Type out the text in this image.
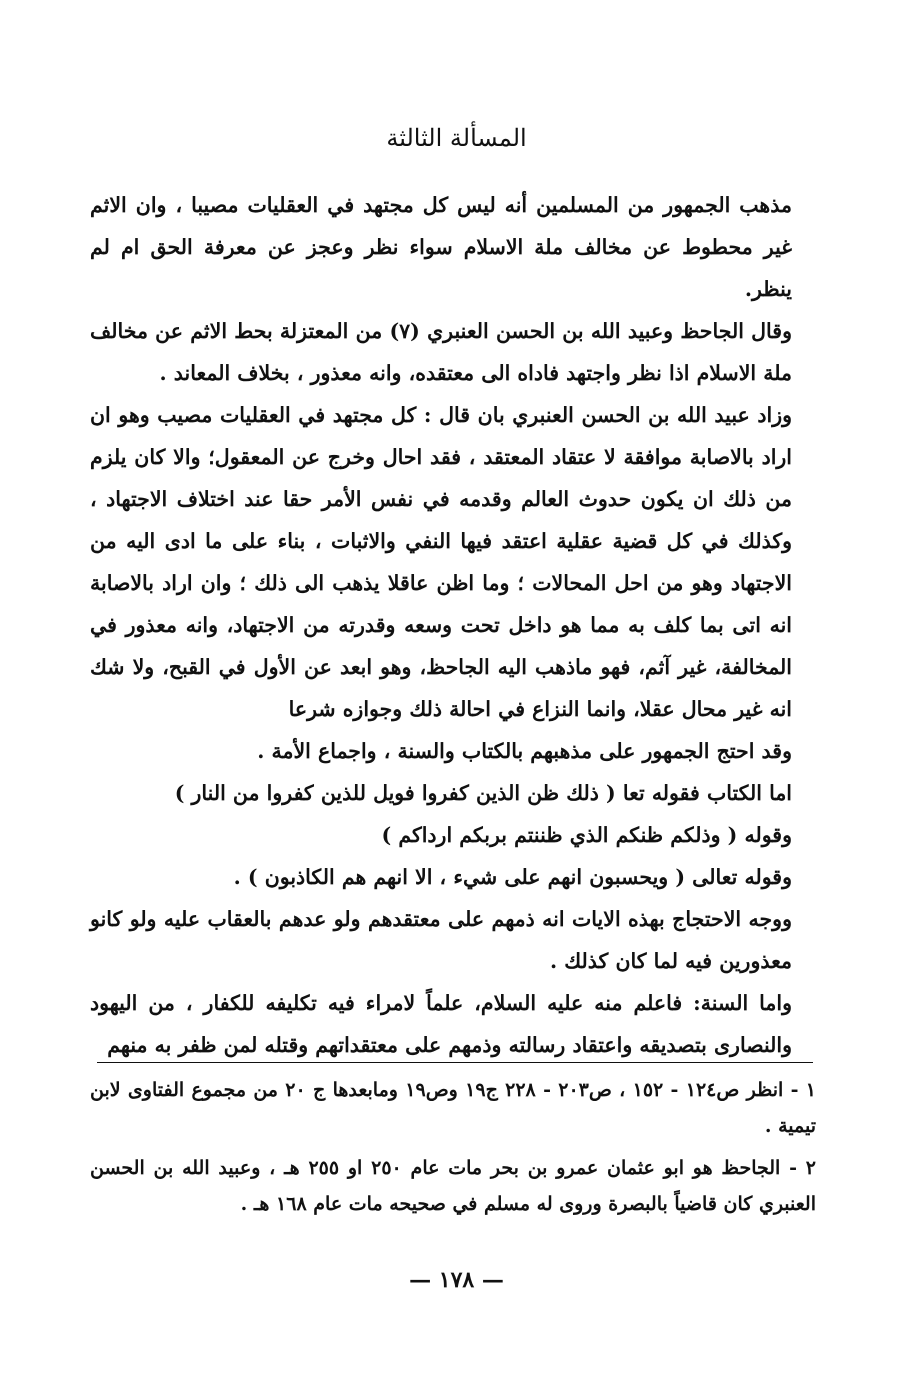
المسألة الثالثة

مذهب الجمهور من المسلمين أنه ليس كل مجتهد في العقليات مصيبا ، وان الاثم غير محطوط عن مخالف ملة الاسلام سواء نظر وعجز عن معرفة الحق ام لم ينظر.

وقال الجاحظ وعبيد الله بن الحسن العنبري (٧) من المعتزلة بحط الاثم عن مخالف ملة الاسلام اذا نظر واجتهد فاداه الى معتقده، وانه معذور ، بخلاف المعاند .

وزاد عبيد الله بن الحسن العنبري بان قال : كل مجتهد في العقليات مصيب وهو ان اراد بالاصابة موافقة لا عتقاد المعتقد ، فقد احال وخرج عن المعقول؛ والا كان يلزم من ذلك ان يكون حدوث العالم وقدمه في نفس الأمر حقا عند اختلاف الاجتهاد ، وكذلك في كل قضية عقلية اعتقد فيها النفي والاثبات ، بناء على ما ادى اليه من الاجتهاد وهو من احل المحالات ؛ وما اظن عاقلا يذهب الى ذلك ؛ وان اراد بالاصابة انه اتى بما كلف به مما هو داخل تحت وسعه وقدرته من الاجتهاد، وانه معذور في المخالفة، غير آثم، فهو ماذهب اليه الجاحظ، وهو ابعد عن الأول في القبح، ولا شك انه غير محال عقلا، وانما النزاع في احالة ذلك وجوازه شرعا

وقد احتج الجمهور على مذهبهم بالكتاب والسنة ، واجماع الأمة .

اما الكتاب فقوله تعا ( ذلك ظن الذين كفروا فويل للذين كفروا من النار )

وقوله ( وذلكم ظنكم الذي ظننتم بربكم ارداكم )

وقوله تعالى ( ويحسبون انهم على شيء ، الا انهم هم الكاذبون ) .

ووجه الاحتجاج بهذه الايات انه ذمهم على معتقدهم ولو عدهم بالعقاب عليه ولو كانو معذورين فيه لما كان كذلك .

واما السنة: فاعلم منه عليه السلام، علماً لامراء فيه تكليفه للكفار ، من اليهود والنصارى بتصديقه واعتقاد رسالته وذمهم على معتقداتهم وقتله لمن ظفر به منهم

١ - انظر ص١٢٤ - ١٥٢ ، ص٢٠٣ - ٢٢٨ ج١٩ وص١٩ ومابعدها ج ٢٠ من مجموع الفتاوى لابن تيمية .

٢ - الجاحظ هو ابو عثمان عمرو بن بحر مات عام ٢٥٠ او ٢٥٥ هـ ، وعبيد الله بن الحسن العنبري كان قاضياً بالبصرة وروى له مسلم في صحيحه مات عام ١٦٨ هـ .

— ١٧٨ —
